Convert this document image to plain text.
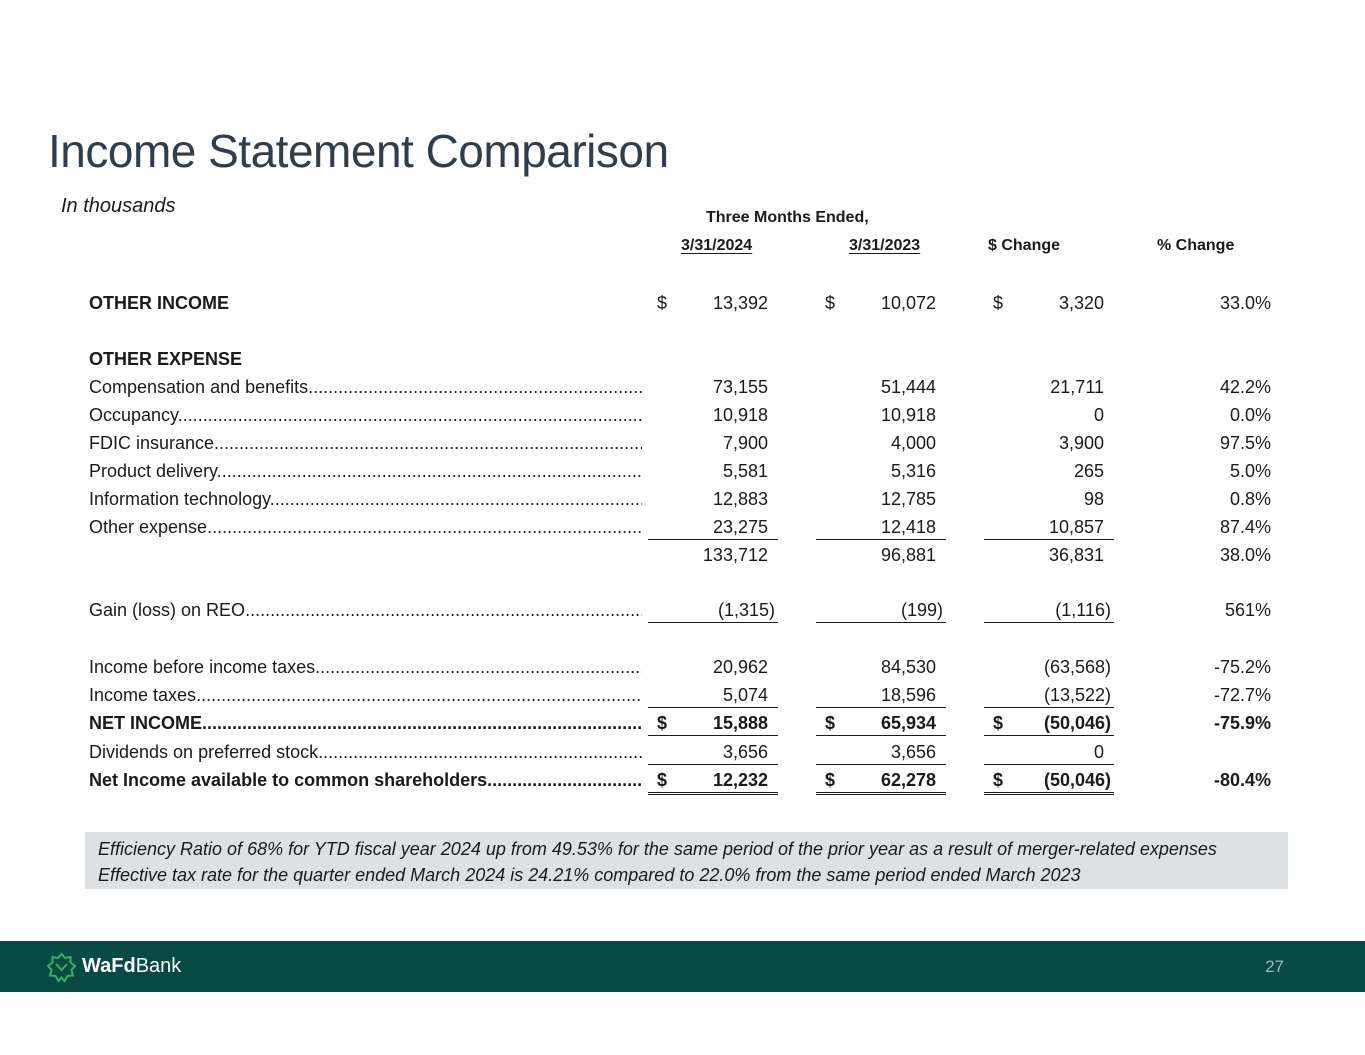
Income Statement Comparison
In thousands
Three Months Ended,
3/31/2024	3/31/2023	$ Change	% Change
OTHER INCOME	$	13,392	$	10,072	$	3,320	33.0%
OTHER EXPENSE
Compensation and benefits .....	73,155	51,444	21,711	42.2%
Occupancy .....	10,918	10,918	0	0.0%
FDIC insurance .....	7,900	4,000	3,900	97.5%
Product delivery .....	5,581	5,316	265	5.0%
Information technology .....	12,883	12,785	98	0.8%
Other expense .....	23,275	12,418	10,857	87.4%
133,712	96,881	36,831	38.0%
Gain (loss) on REO .....	(1,315)	(199)	(1,116)	561%
Income before income taxes .....	20,962	84,530	(63,568)	-75.2%
Income taxes .....	5,074	18,596	(13,522)	-72.7%
NET INCOME .....	$	15,888	$	65,934	$ (50,046)	-75.9%
Dividends on preferred stock .....	3,656	3,656	0
Net Income available to common shareholders .....	$	12,232	$	62,278	$ (50,046)	-80.4%
Efficiency Ratio of 68% for YTD fiscal year 2024 up from 49.53% for the same period of the prior year as a result of merger-related expenses
Effective tax rate for the quarter ended March 2024 is 24.21% compared to 22.0% from the same period ended March 2023
WaFdBank	27
